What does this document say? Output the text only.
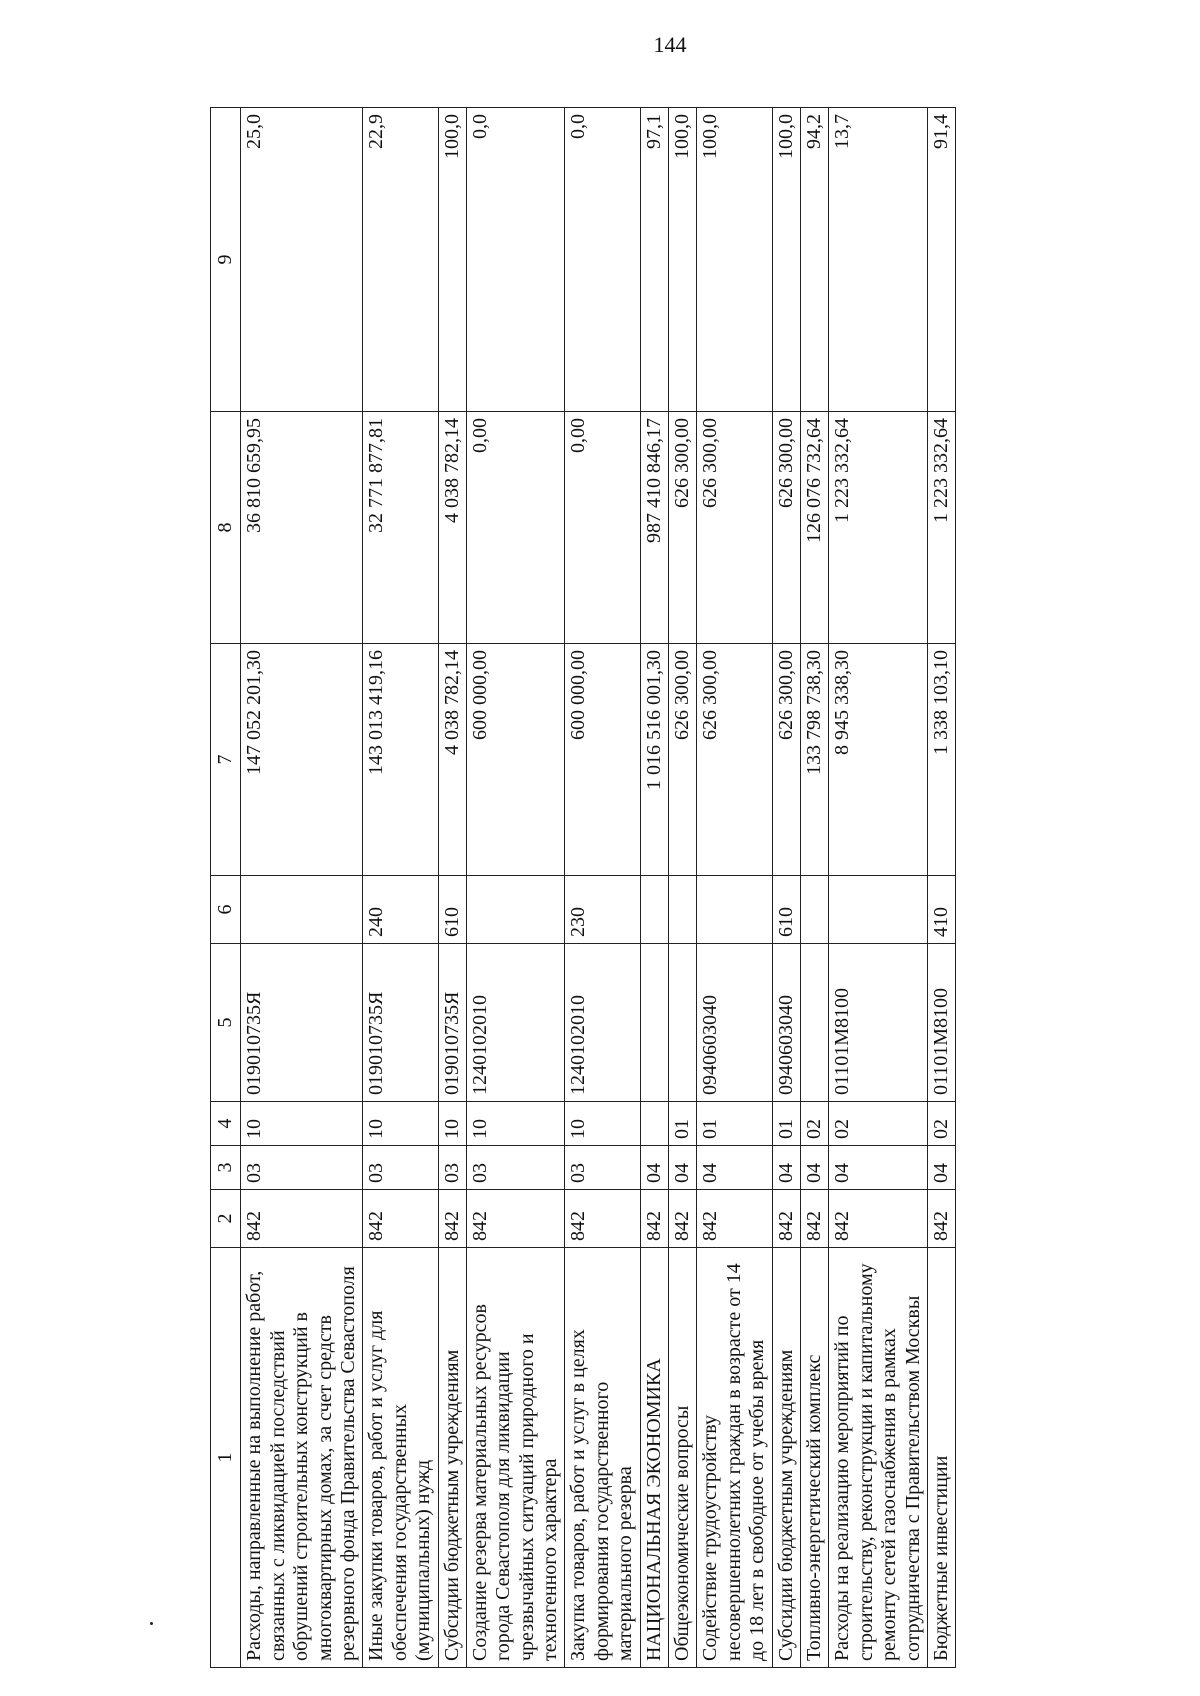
144
1	2	3	4	5	6	7	8	9
Расходы, направленные на выполнение работ, связанных с ликвидацией последствий обрушений строительных конструкций в многоквартирных домах, за счет средств резервного фонда Правительства Севастополя	842	03	10	019010735Я		147 052 201,30	36 810 659,95	25,0
Иные закупки товаров, работ и услуг для обеспечения государственных (муниципальных) нужд	842	03	10	019010735Я	240	143 013 419,16	32 771 877,81	22,9
Субсидии бюджетным учреждениям	842	03	10	019010735Я	610	4 038 782,14	4 038 782,14	100,0
Создание резерва материальных ресурсов города Севастополя для ликвидации чрезвычайных ситуаций природного и техногенного характера	842	03	10	1240102010		600 000,00	0,00	0,0
Закупка товаров, работ и услуг в целях формирования государственного материального резерва	842	03	10	1240102010	230	600 000,00	0,00	0,0
НАЦИОНАЛЬНАЯ ЭКОНОМИКА	842	04				1 016 516 001,30	987 410 846,17	97,1
Общеэкономические вопросы	842	04	01			626 300,00	626 300,00	100,0
Содействие трудоустройству несовершеннолетних граждан в возрасте от 14 до 18 лет в свободное от учебы время	842	04	01	0940603040		626 300,00	626 300,00	100,0
Субсидии бюджетным учреждениям	842	04	01	0940603040	610	626 300,00	626 300,00	100,0
Топливно-энергетический комплекс	842	04	02			133 798 738,30	126 076 732,64	94,2
Расходы на реализацию мероприятий по строительству, реконструкции и капитальному ремонту сетей газоснабжения в рамках сотрудничества с Правительством Москвы	842	04	02	01101М8100		8 945 338,30	1 223 332,64	13,7
Бюджетные инвестиции	842	04	02	01101М8100	410	1 338 103,10	1 223 332,64	91,4
